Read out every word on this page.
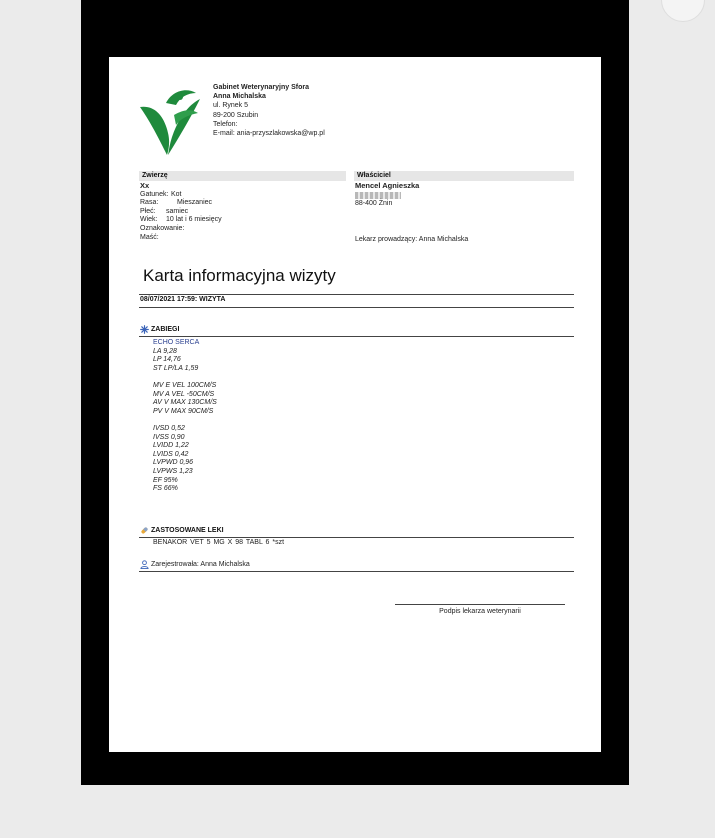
Gabinet Weterynaryjny Sfora
Anna Michalska
ul. Rynek 5
89-200 Szubin
Telefon:
E-mail: ania-przyszlakowska@wp.pl
Zwierzę	Właściciel
Xx
Gatunek: Kot
Rasa:	Mieszaniec
Płeć: samiec
Wiek: 10 lat i 6 miesięcy
Oznakowanie:
Maść:
Mencel Agnieszka
88-400 Żnin
Lekarz prowadzący: Anna Michalska
Karta informacyjna wizyty
08/07/2021 17:59: WIZYTA
ZABIEGI
ECHO SERCA
LA 9,28
LP 14,76
ST LP/LA 1,59
MV E VEL 100CM/S
MV A VEL -50CM/S
AV V MAX 130CM/S
PV V MAX 90CM/S
IVSD 0,52
IVSS 0,90
LVIDD 1,22
LVIDS 0,42
LVPWD 0,96
LVPWS 1,23
EF 95%
FS 66%
ZASTOSOWANE LEKI
BENAKOR VET 5 MG X 98 TABL 6 *szt
Zarejestrowała: Anna Michalska
Podpis lekarza weterynarii
